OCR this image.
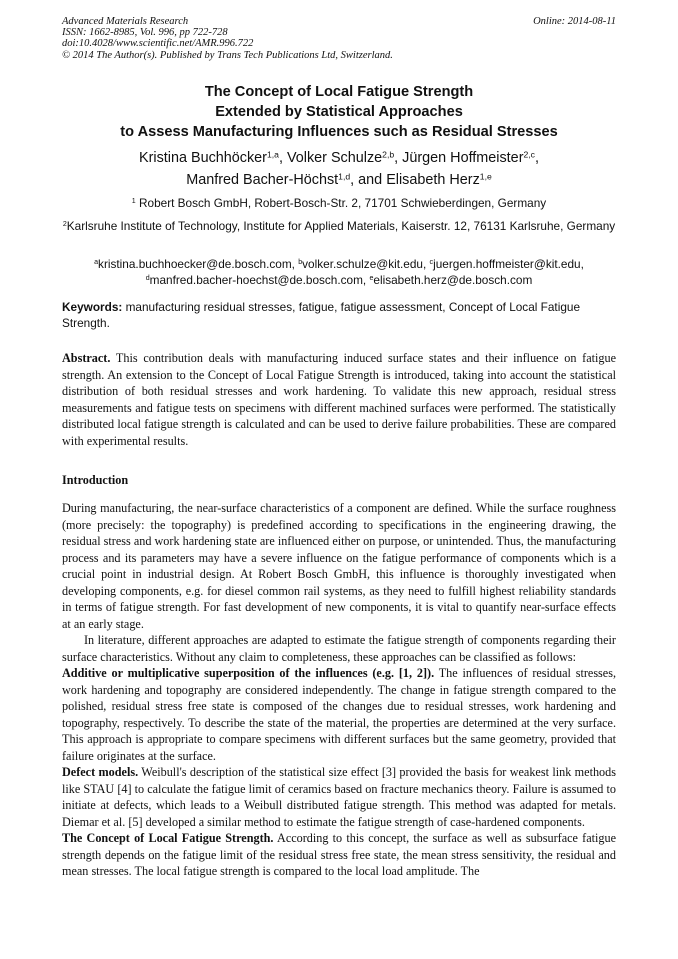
Advanced Materials Research
ISSN: 1662-8985, Vol. 996, pp 722-728
doi:10.4028/www.scientific.net/AMR.996.722
© 2014 The Author(s). Published by Trans Tech Publications Ltd, Switzerland.
Online: 2014-08-11
The Concept of Local Fatigue Strength
Extended by Statistical Approaches
to Assess Manufacturing Influences such as Residual Stresses
Kristina Buchhöcker$^{1,a}$, Volker Schulze$^{2,b}$, Jürgen Hoffmeister$^{2,c}$,
Manfred Bacher-Höchst$^{1,d}$, and Elisabeth Herz$^{1,e}$
$^1$ Robert Bosch GmbH, Robert-Bosch-Str. 2, 71701 Schwieberdingen, Germany
$^2$Karlsruhe Institute of Technology, Institute for Applied Materials, Kaiserstr. 12, 76131 Karlsruhe, Germany
$^a$kristina.buchhoecker@de.bosch.com, $^b$volker.schulze@kit.edu, $^c$juergen.hoffmeister@kit.edu,
$^d$manfred.bacher-hoechst@de.bosch.com, $^e$elisabeth.herz@de.bosch.com
Keywords: manufacturing residual stresses, fatigue, fatigue assessment, Concept of Local Fatigue Strength.
Abstract. This contribution deals with manufacturing induced surface states and their influence on fatigue strength. An extension to the Concept of Local Fatigue Strength is introduced, taking into account the statistical distribution of both residual stresses and work hardening. To validate this new approach, residual stress measurements and fatigue tests on specimens with different machined surfaces were performed. The statistically distributed local fatigue strength is calculated and can be used to derive failure probabilities. These are compared with experimental results.
Introduction

During manufacturing, the near-surface characteristics of a component are defined. While the surface roughness (more precisely: the topography) is predefined according to specifications in the engineering drawing, the residual stress and work hardening state are influenced either on purpose, or unintended. Thus, the manufacturing process and its parameters may have a severe influence on the fatigue performance of components which is a crucial point in industrial design. At Robert Bosch GmbH, this influence is thoroughly investigated when developing components, e.g. for diesel common rail systems, as they need to fulfill highest reliability standards in terms of fatigue strength. For fast development of new components, it is vital to quantify near-surface effects at an early stage.

In literature, different approaches are adapted to estimate the fatigue strength of components regarding their surface characteristics. Without any claim to completeness, these approaches can be classified as follows:

Additive or multiplicative superposition of the influences (e.g. [1, 2]). The influences of residual stresses, work hardening and topography are considered independently. The change in fatigue strength compared to the polished, residual stress free state is composed of the changes due to residual stresses, work hardening and topography, respectively. To describe the state of the material, the properties are determined at the very surface. This approach is appropriate to compare specimens with different surfaces but the same geometry, provided that failure originates at the surface.

Defect models. Weibull's description of the statistical size effect [3] provided the basis for weakest link methods like STAU [4] to calculate the fatigue limit of ceramics based on fracture mechanics theory. Failure is assumed to initiate at defects, which leads to a Weibull distributed fatigue strength. This method was adapted for metals. Diemar et al. [5] developed a similar method to estimate the fatigue strength of case-hardened components.

The Concept of Local Fatigue Strength. According to this concept, the surface as well as subsurface fatigue strength depends on the fatigue limit of the residual stress free state, the mean stress sensitivity, the residual and mean stresses. The local fatigue strength is compared to the local load amplitude. The
